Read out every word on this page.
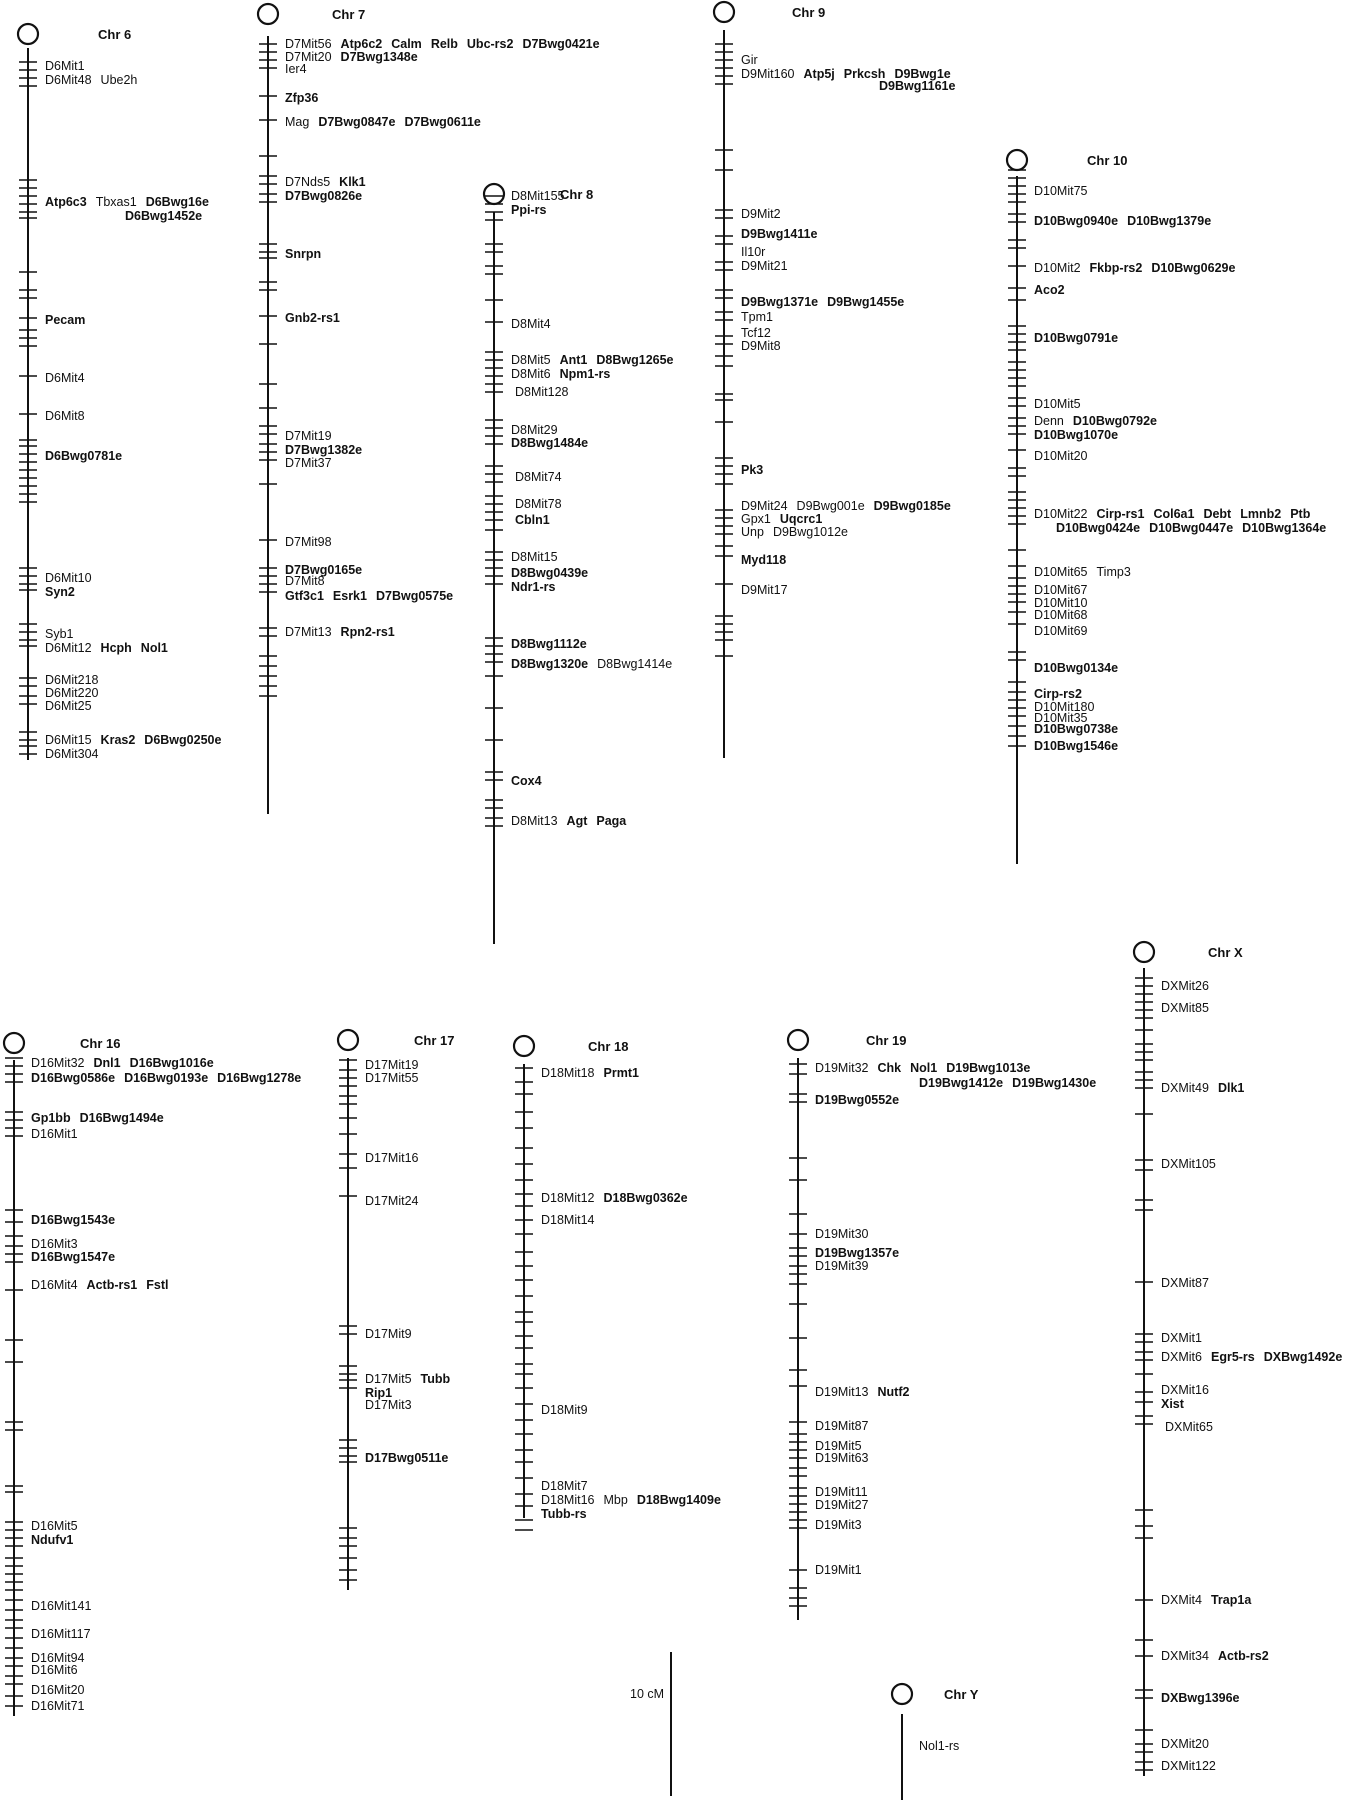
Chr 6
D6Mit1
D6Mit48 Ube2h
Atp6c3 Tbxas1 D6Bwg16e
D6Bwg1452e
Pecam
D6Mit4
D6Mit8
D6Bwg0781e
D6Mit10
Syn2
Syb1
D6Mit12 Hcph Nol1
D6Mit218
D6Mit220
D6Mit25
D6Mit15 Kras2 D6Bwg0250e
D6Mit304
Chr 7
D7Mit56 Atp6c2 Calm Relb Ubc-rs2 D7Bwg0421e
D7Mit20 D7Bwg1348e
Ier4
Zfp36
Mag D7Bwg0847e D7Bwg0611e
D7Nds5 Klk1
D7Bwg0826e
Snrpn
Gnb2-rs1
D7Mit19
D7Bwg1382e
D7Mit37
D7Mit98
D7Bwg0165e
D7Mit8
Gtf3c1 Esrk1 D7Bwg0575e
D7Mit13 Rpn2-rs1
Chr 8
D8Mit155
Ppi-rs
D8Mit4
D8Mit5 Ant1 D8Bwg1265e
D8Mit6 Npm1-rs
D8Mit128
D8Mit29
D8Bwg1484e
D8Mit74
D8Mit78
Cbln1
D8Mit15
D8Bwg0439e
Ndr1-rs
D8Bwg1112e
D8Bwg1320e D8Bwg1414e
Cox4
D8Mit13 Agt Paga
Chr 9
Gir
D9Mit160 Atp5j Prkcsh D9Bwg1e
D9Bwg1161e
D9Mit2
D9Bwg1411e
Il10r
D9Mit21
D9Bwg1371e D9Bwg1455e
Tpm1
Tcf12
D9Mit8
Pk3
D9Mit24 D9Bwg001e D9Bwg0185e
Gpx1 Uqcrc1
Unp D9Bwg1012e
Myd118
D9Mit17
Chr 10
D10Mit75
D10Bwg0940e D10Bwg1379e
D10Mit2 Fkbp-rs2 D10Bwg0629e
Aco2
D10Bwg0791e
D10Mit5
Denn D10Bwg0792e
D10Bwg1070e
D10Mit20
D10Mit22 Cirp-rs1 Col6a1 Debt Lmnb2 Ptb
D10Bwg0424e D10Bwg0447e D10Bwg1364e
D10Mit65 Timp3
D10Mit67
D10Mit10
D10Mit68
D10Mit69
D10Bwg0134e
Cirp-rs2
D10Mit180
D10Mit35
D10Bwg0738e
D10Bwg1546e
Chr 16
D16Mit32 Dnl1 D16Bwg1016e
D16Bwg0586e D16Bwg0193e D16Bwg1278e
Gp1bb D16Bwg1494e
D16Mit1
D16Bwg1543e
D16Mit3
D16Bwg1547e
D16Mit4 Actb-rs1 Fstl
D16Mit5
Ndufv1
D16Mit141
D16Mit117
D16Mit94
D16Mit6
D16Mit20
D16Mit71
Chr 17
D17Mit19
D17Mit55
D17Mit16
D17Mit24
D17Mit9
D17Mit5 Tubb
Rip1
D17Mit3
D17Bwg0511e
Chr 18
D18Mit18 Prmt1
D18Mit12 D18Bwg0362e
D18Mit14
D18Mit9
D18Mit7
D18Mit16 Mbp D18Bwg1409e
Tubb-rs
Chr 19
D19Mit32 Chk Nol1 D19Bwg1013e
D19Bwg1412e D19Bwg1430e
D19Bwg0552e
D19Mit30
D19Bwg1357e
D19Mit39
D19Mit13 Nutf2
D19Mit87
D19Mit5
D19Mit63
D19Mit11
D19Mit27
D19Mit3
D19Mit1
Chr X
DXMit26
DXMit85
DXMit49 Dlk1
DXMit105
DXMit87
DXMit1
DXMit6 Egr5-rs DXBwg1492e
DXMit16
Xist
DXMit65
DXMit4 Trap1a
DXMit34 Actb-rs2
DXBwg1396e
DXMit20
DXMit122
Chr Y
Nol1-rs
10 cM
